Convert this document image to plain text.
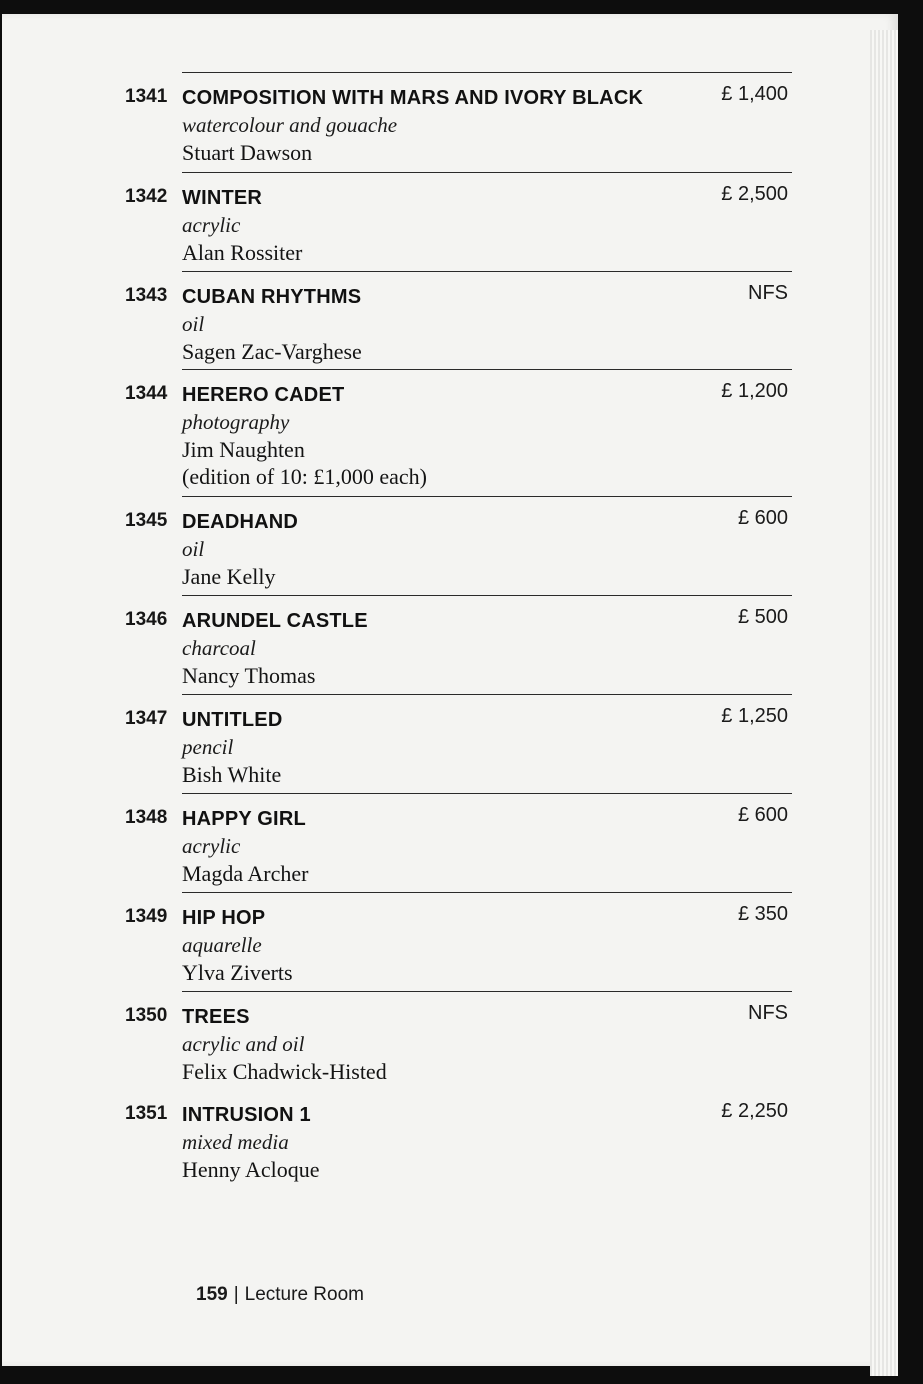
1341 COMPOSITION WITH MARS AND IVORY BLACK
watercolour and gouache
Stuart Dawson
£ 1,400
1342 WINTER
acrylic
Alan Rossiter
£ 2,500
1343 CUBAN RHYTHMS
oil
Sagen Zac-Varghese
NFS
1344 HERERO CADET
photography
Jim Naughten
(edition of 10: £1,000 each)
£ 1,200
1345 DEADHAND
oil
Jane Kelly
£ 600
1346 ARUNDEL CASTLE
charcoal
Nancy Thomas
£ 500
1347 UNTITLED
pencil
Bish White
£ 1,250
1348 HAPPY GIRL
acrylic
Magda Archer
£ 600
1349 HIP HOP
aquarelle
Ylva Ziverts
£ 350
1350 TREES
acrylic and oil
Felix Chadwick-Histed
NFS
1351 INTRUSION 1
mixed media
Henny Acloque
£ 2,250
159 | Lecture Room
